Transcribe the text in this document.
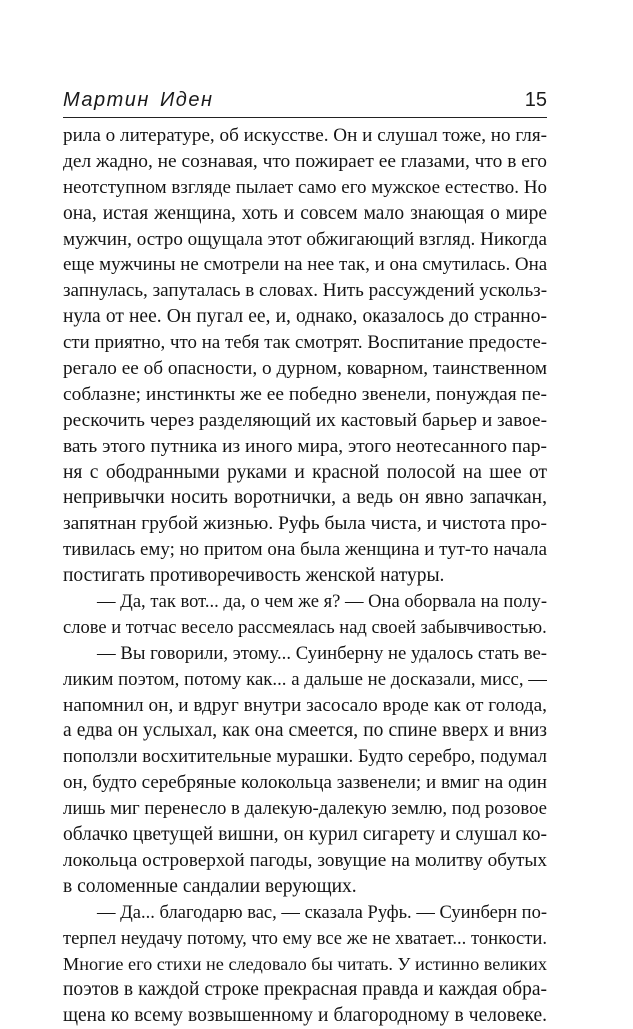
Мартин Иден	15
рила о литературе, об искусстве. Он и слушал тоже, но гля-
дел жадно, не сознавая, что пожирает ее глазами, что в его
неотступном взгляде пылает само его мужское естество. Но
она, истая женщина, хоть и совсем мало знающая о мире
мужчин, остро ощущала этот обжигающий взгляд. Никогда
еще мужчины не смотрели на нее так, и она смутилась. Она
запнулась, запуталась в словах. Нить рассуждений ускольз-
нула от нее. Он пугал ее, и, однако, оказалось до странно-
сти приятно, что на тебя так смотрят. Воспитание предосте-
регало ее об опасности, о дурном, коварном, таинственном
соблазне; инстинкты же ее победно звенели, понуждая пе-
рескочить через разделяющий их кастовый барьер и завое-
вать этого путника из иного мира, этого неотесанного пар-
ня с ободранными руками и красной полосой на шее от
непривычки носить воротнички, а ведь он явно запачкан,
запятнан грубой жизнью. Руфь была чиста, и чистота про-
тивилась ему; но притом она была женщина и тут-то начала
постигать противоречивость женской натуры.
— Да, так вот... да, о чем же я? — Она оборвала на полу-
слове и тотчас весело рассмеялась над своей забывчивостью.
— Вы говорили, этому... Суинберну не удалось стать ве-
ликим поэтом, потому как... а дальше не досказали, мисс, —
напомнил он, и вдруг внутри засосало вроде как от голода,
а едва он услыхал, как она смеется, по спине вверх и вниз
поползли восхитительные мурашки. Будто серебро, подумал
он, будто серебряные колокольца зазвенели; и вмиг на один
лишь миг перенесло в далекую-далекую землю, под розовое
облачко цветущей вишни, он курил сигарету и слушал ко-
локольца островерхой пагоды, зовущие на молитву обутых
в соломенные сандалии верующих.
— Да... благодарю вас, — сказала Руфь. — Суинберн по-
терпел неудачу потому, что ему все же не хватает... тонкости.
Многие его стихи не следовало бы читать. У истинно великих
поэтов в каждой строке прекрасная правда и каждая обра-
щена ко всему возвышенному и благородному в человеке.
